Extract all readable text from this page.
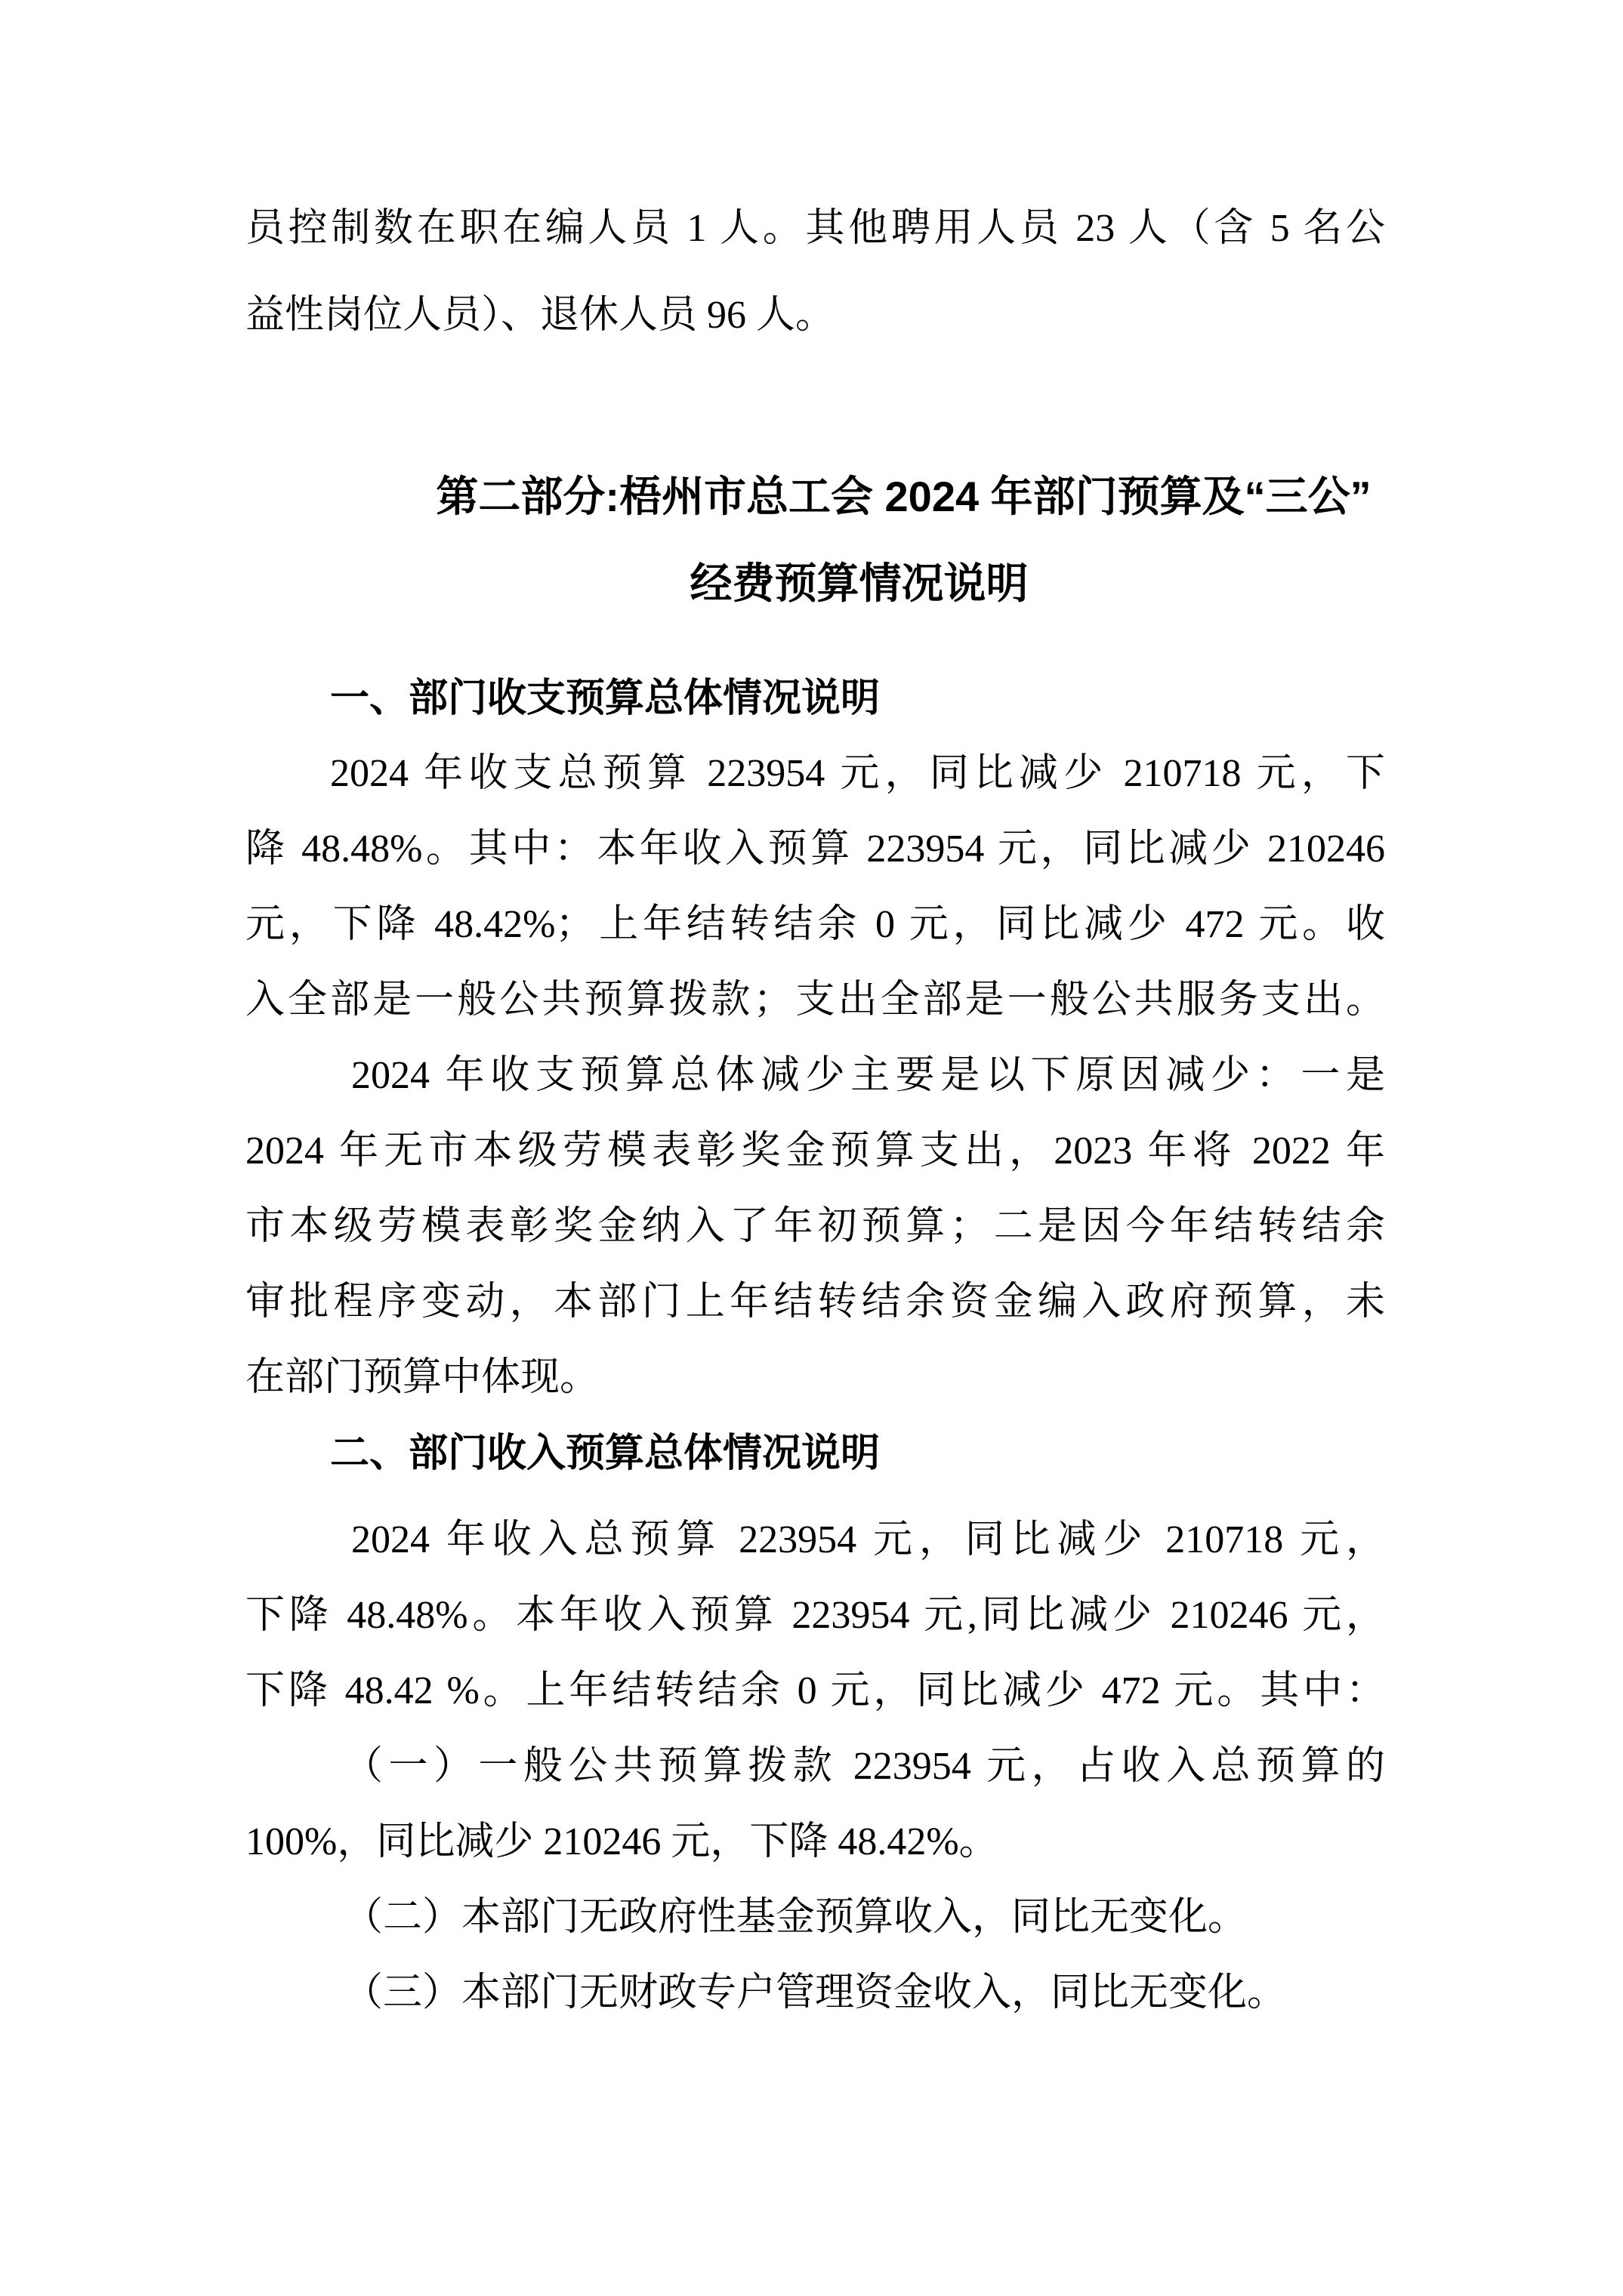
员控制数在职在编人员 1 人。其他聘用人员 23 人（含 5 名公
益性岗位人员）、退休人员 96 人。
第二部分:梧州市总工会 2024 年部门预算及“三公”
经费预算情况说明
一、部门收支预算总体情况说明
2024 年收支总预算 223954 元，同比减少 210718 元，下
降 48.48%。其中：本年收入预算 223954 元，同比减少 210246
元，下降 48.42%；上年结转结余 0 元，同比减少 472 元。收
入全部是一般公共预算拨款；支出全部是一般公共服务支出。
2024 年收支预算总体减少主要是以下原因减少：一是
2024 年无市本级劳模表彰奖金预算支出，2023 年将 2022 年
市本级劳模表彰奖金纳入了年初预算；二是因今年结转结余
审批程序变动，本部门上年结转结余资金编入政府预算，未
在部门预算中体现。
二、部门收入预算总体情况说明
2024 年收入总预算 223954 元，同比减少 210718 元，
下降 48.48%。本年收入预算 223954 元,同比减少 210246 元，
下降 48.42 %。上年结转结余 0 元，同比减少 472 元。其中：
（一）一般公共预算拨款 223954 元，占收入总预算的
100%，同比减少 210246 元，下降 48.42%。
（二）本部门无政府性基金预算收入，同比无变化。
（三）本部门无财政专户管理资金收入，同比无变化。
